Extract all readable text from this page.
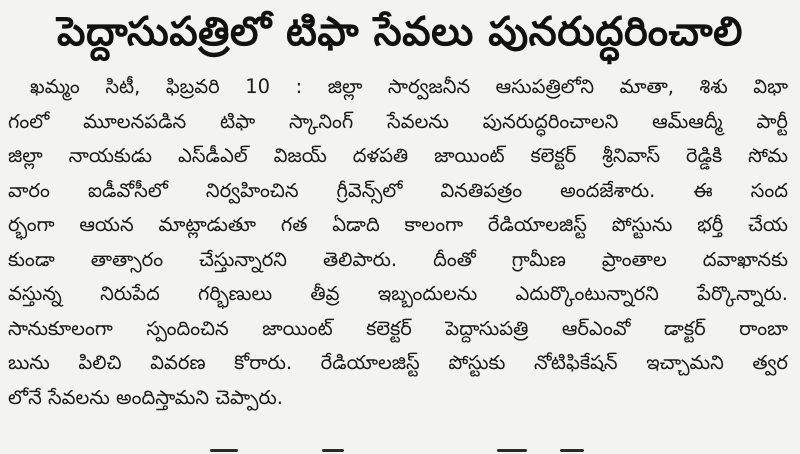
పెద్దాసుపత్రిలో టిఫా సేవలు పునరుద్ధరించాలి
ఖమ్మం సిటీ, ఫిబ్రవరి 10 : జిల్లా సార్వజనీన ఆసుపత్రిలోని మాతా, శిశు విభా
గంలో మూలనపడిన టిఫా స్కానింగ్ సేవలను పునరుద్ధరించాలని ఆమ్‌ఆద్మీ పార్టీ
జిల్లా నాయకుడు ఎస్‌డీఎల్ విజయ్ దళపతి జాయింట్ కలెక్టర్ శ్రీనివాస్ రెడ్డికి సోమ
వారం ఐడీవోసీలో నిర్వహించిన గ్రీవెన్స్‌లో వినతిపత్రం అందజేశారు. ఈ సంద
ర్భంగా ఆయన మాట్లాడుతూ గత ఏడాది కాలంగా రేడియాలజిస్ట్ పోస్టును భర్తీ చేయ
కుండా తాత్సారం చేస్తున్నారని తెలిపారు. దీంతో గ్రామీణ ప్రాంతాల దవాఖానకు
వస్తున్న నిరుపేద గర్భిణులు తీవ్ర ఇబ్బందులను ఎదుర్కొంటున్నారని పేర్కొన్నారు.
సానుకూలంగా స్పందించిన జాయింట్ కలెక్టర్ పెద్దాసుపత్రి ఆర్‌ఎంవో డాక్టర్ రాంబా
బును పిలిచి వివరణ కోరారు. రేడియాలజిస్ట్ పోస్టుకు నోటిఫికేషన్ ఇచ్చామని త్వర
లోనే సేవలను అందిస్తామని చెప్పారు.
